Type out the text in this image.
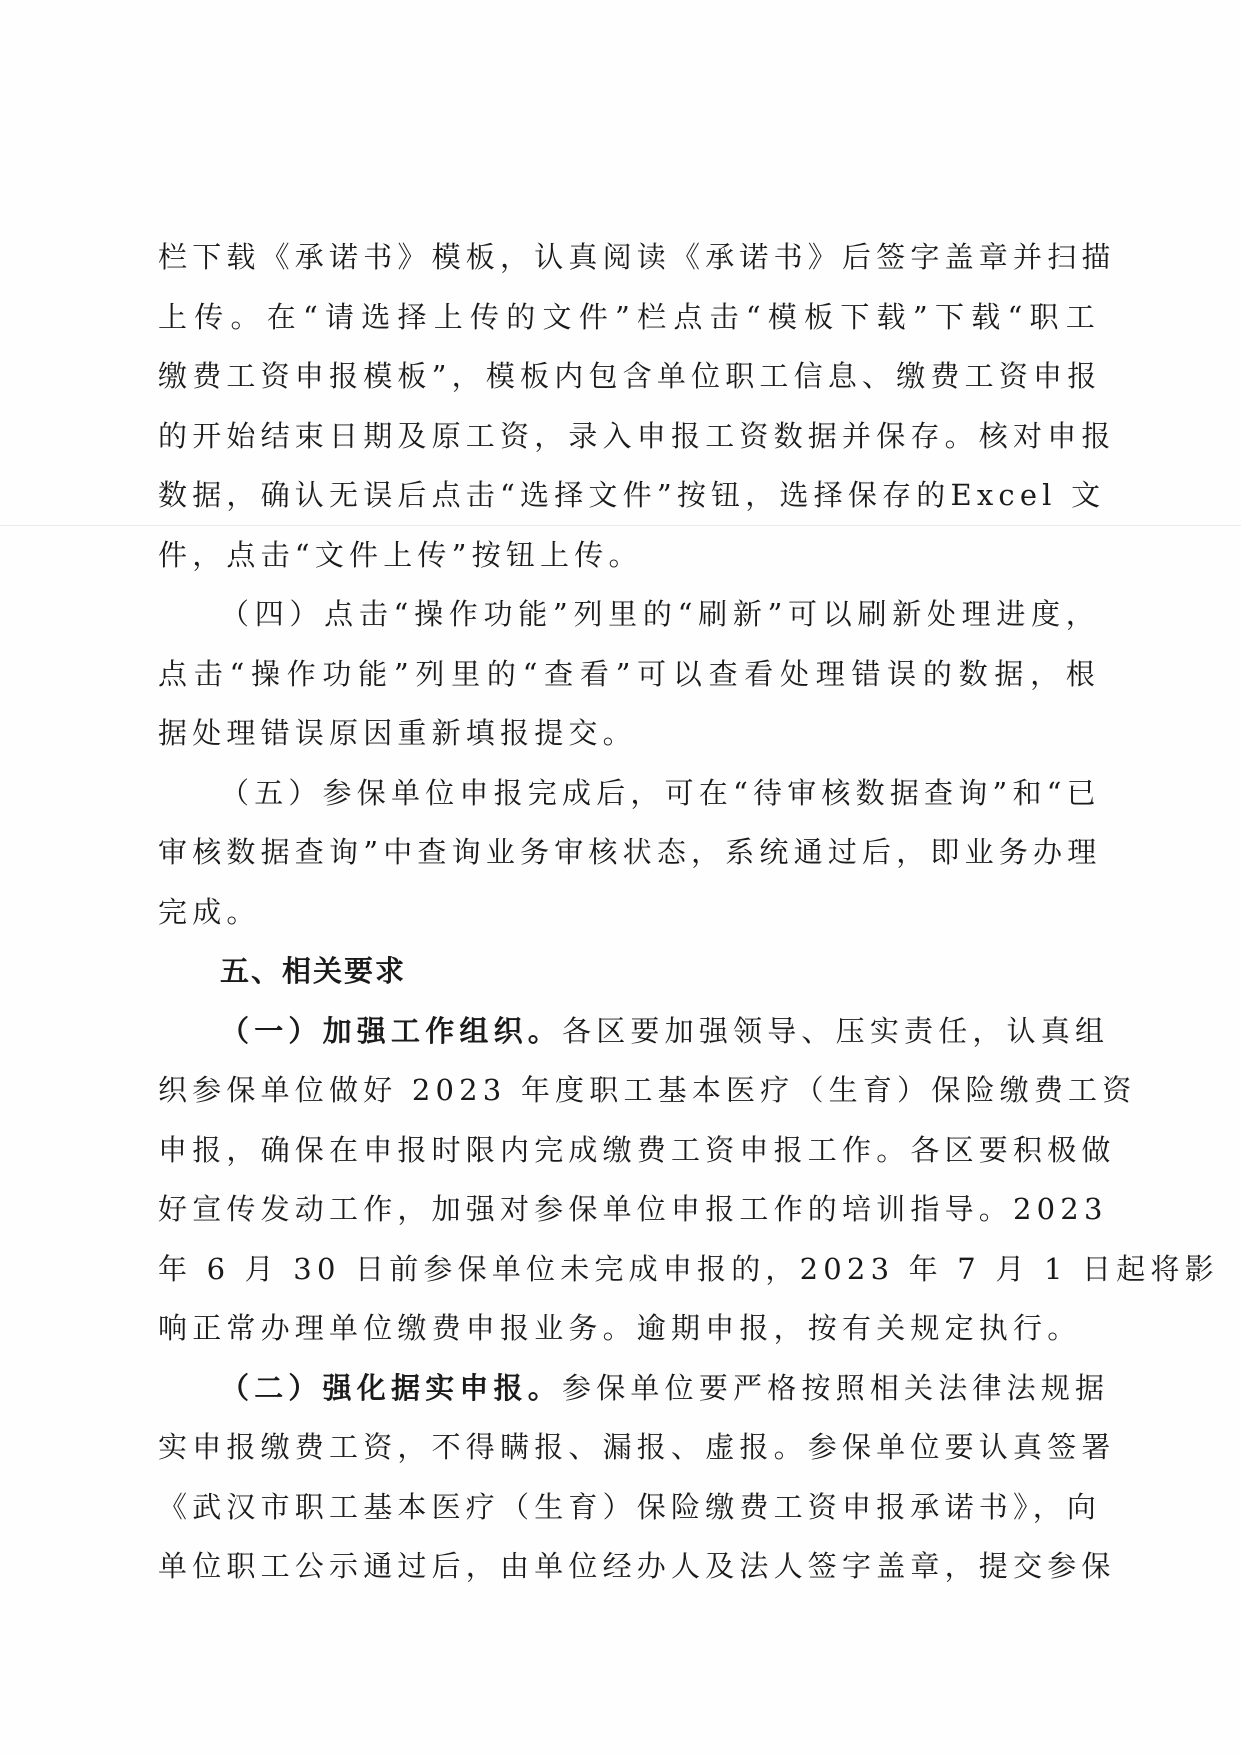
栏下载《承诺书》模板，认真阅读《承诺书》后签字盖章并扫描
上传。在“请选择上传的文件”栏点击“模板下载”下载“职工
缴费工资申报模板”，模板内包含单位职工信息、缴费工资申报
的开始结束日期及原工资，录入申报工资数据并保存。核对申报
数据，确认无误后点击“选择文件”按钮，选择保存的Excel 文
件，点击“文件上传”按钮上传。
（四）点击“操作功能”列里的“刷新”可以刷新处理进度，
点击“操作功能”列里的“查看”可以查看处理错误的数据，根
据处理错误原因重新填报提交。
（五）参保单位申报完成后，可在“待审核数据查询”和“已
审核数据查询”中查询业务审核状态，系统通过后，即业务办理
完成。
五、相关要求
（一）加强工作组织。各区要加强领导、压实责任，认真组
织参保单位做好 2023 年度职工基本医疗（生育）保险缴费工资
申报，确保在申报时限内完成缴费工资申报工作。各区要积极做
好宣传发动工作，加强对参保单位申报工作的培训指导。2023
年 6 月 30 日前参保单位未完成申报的，2023 年 7 月 1 日起将影
响正常办理单位缴费申报业务。逾期申报，按有关规定执行。
（二）强化据实申报。参保单位要严格按照相关法律法规据
实申报缴费工资，不得瞒报、漏报、虚报。参保单位要认真签署
《武汉市职工基本医疗（生育）保险缴费工资申报承诺书》，向
单位职工公示通过后，由单位经办人及法人签字盖章，提交参保
